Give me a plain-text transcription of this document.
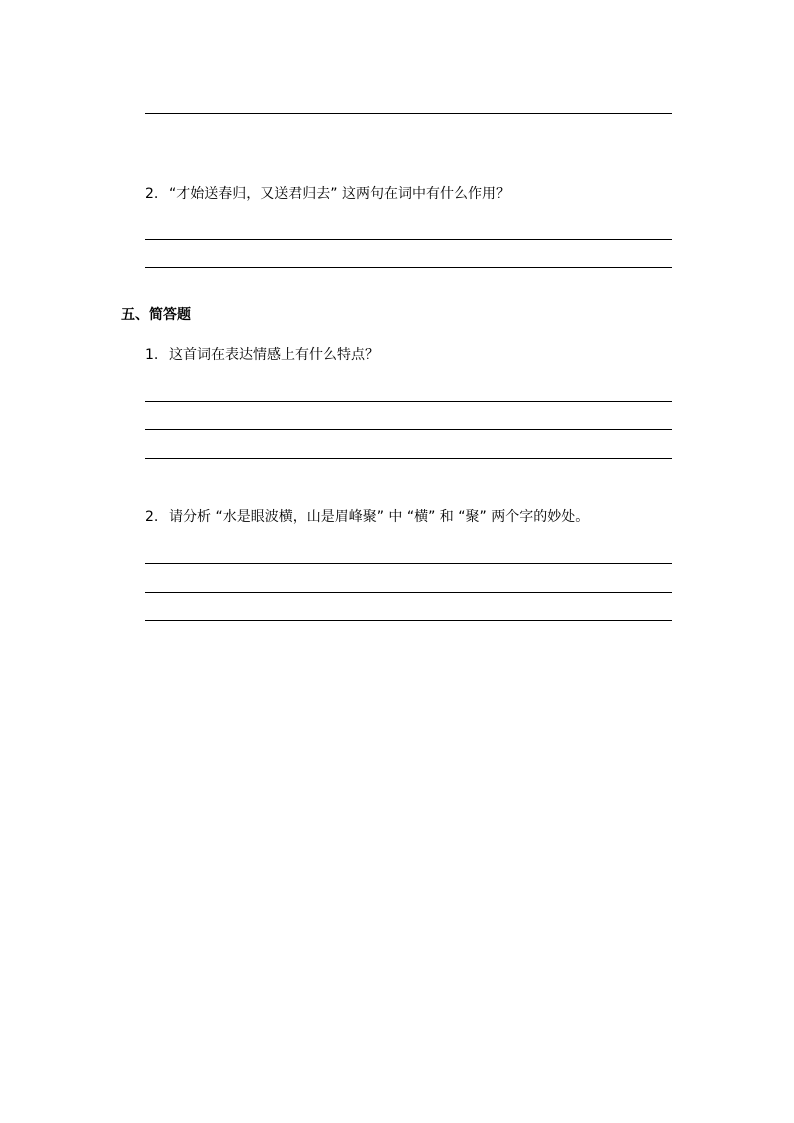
2. “才始送春归，又送君归去” 这两句在词中有什么作用？
五、简答题
1. 这首词在表达情感上有什么特点？
2. 请分析 “水是眼波横，山是眉峰聚” 中 “横” 和 “聚” 两个字的妙处。
